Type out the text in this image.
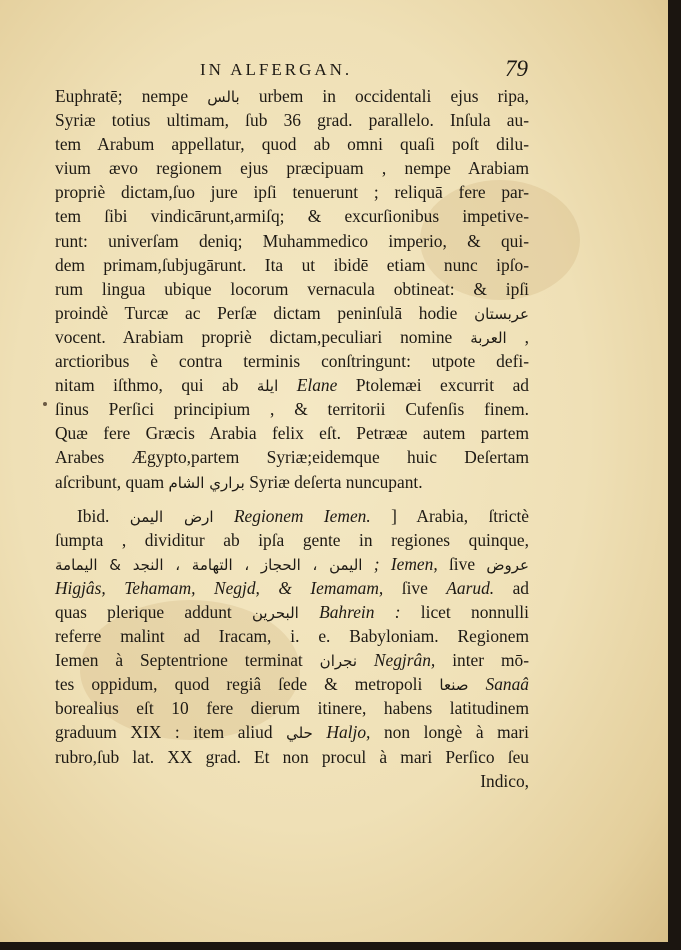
IN ALFERGAN.	79
Euphratē; nempe بالس urbem in occidentali ejus ripa,
Syriæ totius ultimam, ſub 36 grad. parallelo. Inſula au-
tem Arabum appellatur, quod ab omni quaſi poſt dilu-
vium ævo regionem ejus præcipuam , nempe Arabiam
propriè dictam,ſuo jure ipſi tenuerunt ; reliquā fere par-
tem ſibi vindicārunt,armiſq; & excurſionibus impetive-
runt: univerſam deniq; Muhammedico imperio, & qui-
dem primam,ſubjugārunt. Ita ut ibidē etiam nunc ipſo-
rum lingua ubique locorum vernacula obtineat: & ipſi
proindè Turcæ ac Perſæ dictam peninſulā hodie عربستان
vocent. Arabiam propriè dictam,peculiari nomine العربة ,
arctioribus è contra terminis conſtringunt: utpote defi-
nitam iſthmo, qui ab ايلة Elane Ptolemæi excurrit ad
ſinus Perſici principium , & territorii Cufenſis finem.
Quæ fere Græcis Arabia felix eſt. Petrææ autem partem
Arabes Ægypto,partem Syriæ;eidemque huic Deſertam
aſcribunt, quam براري الشام Syriæ deſerta nuncupant.
Ibid. ارض اليمن Regionem Iemen. ] Arabia, ſtrictè
ſumpta , dividitur ab ipſa gente in regiones quinque,
اليمن ، الحجاز ، التهامة ، النجد & اليمامة ; Iemen, ſive عروض
Higjâs, Tehamam, Negjd, & Iemamam, ſive Aarud. ad
quas plerique addunt البحرين Bahrein : licet nonnulli
referre malint ad Iracam, i. e. Babyloniam. Regionem
Iemen à Septentrione terminat نجران Negjrân, inter mō-
tes oppidum, quod regiâ ſede & metropoli صنعا Sanaâ
borealius eſt 10 fere dierum itinere, habens latitudinem
graduum XIX : item aliud حلي Haljo, non longè à mari
rubro,ſub lat. XX grad. Et non procul à mari Perſico ſeu
Indico,
